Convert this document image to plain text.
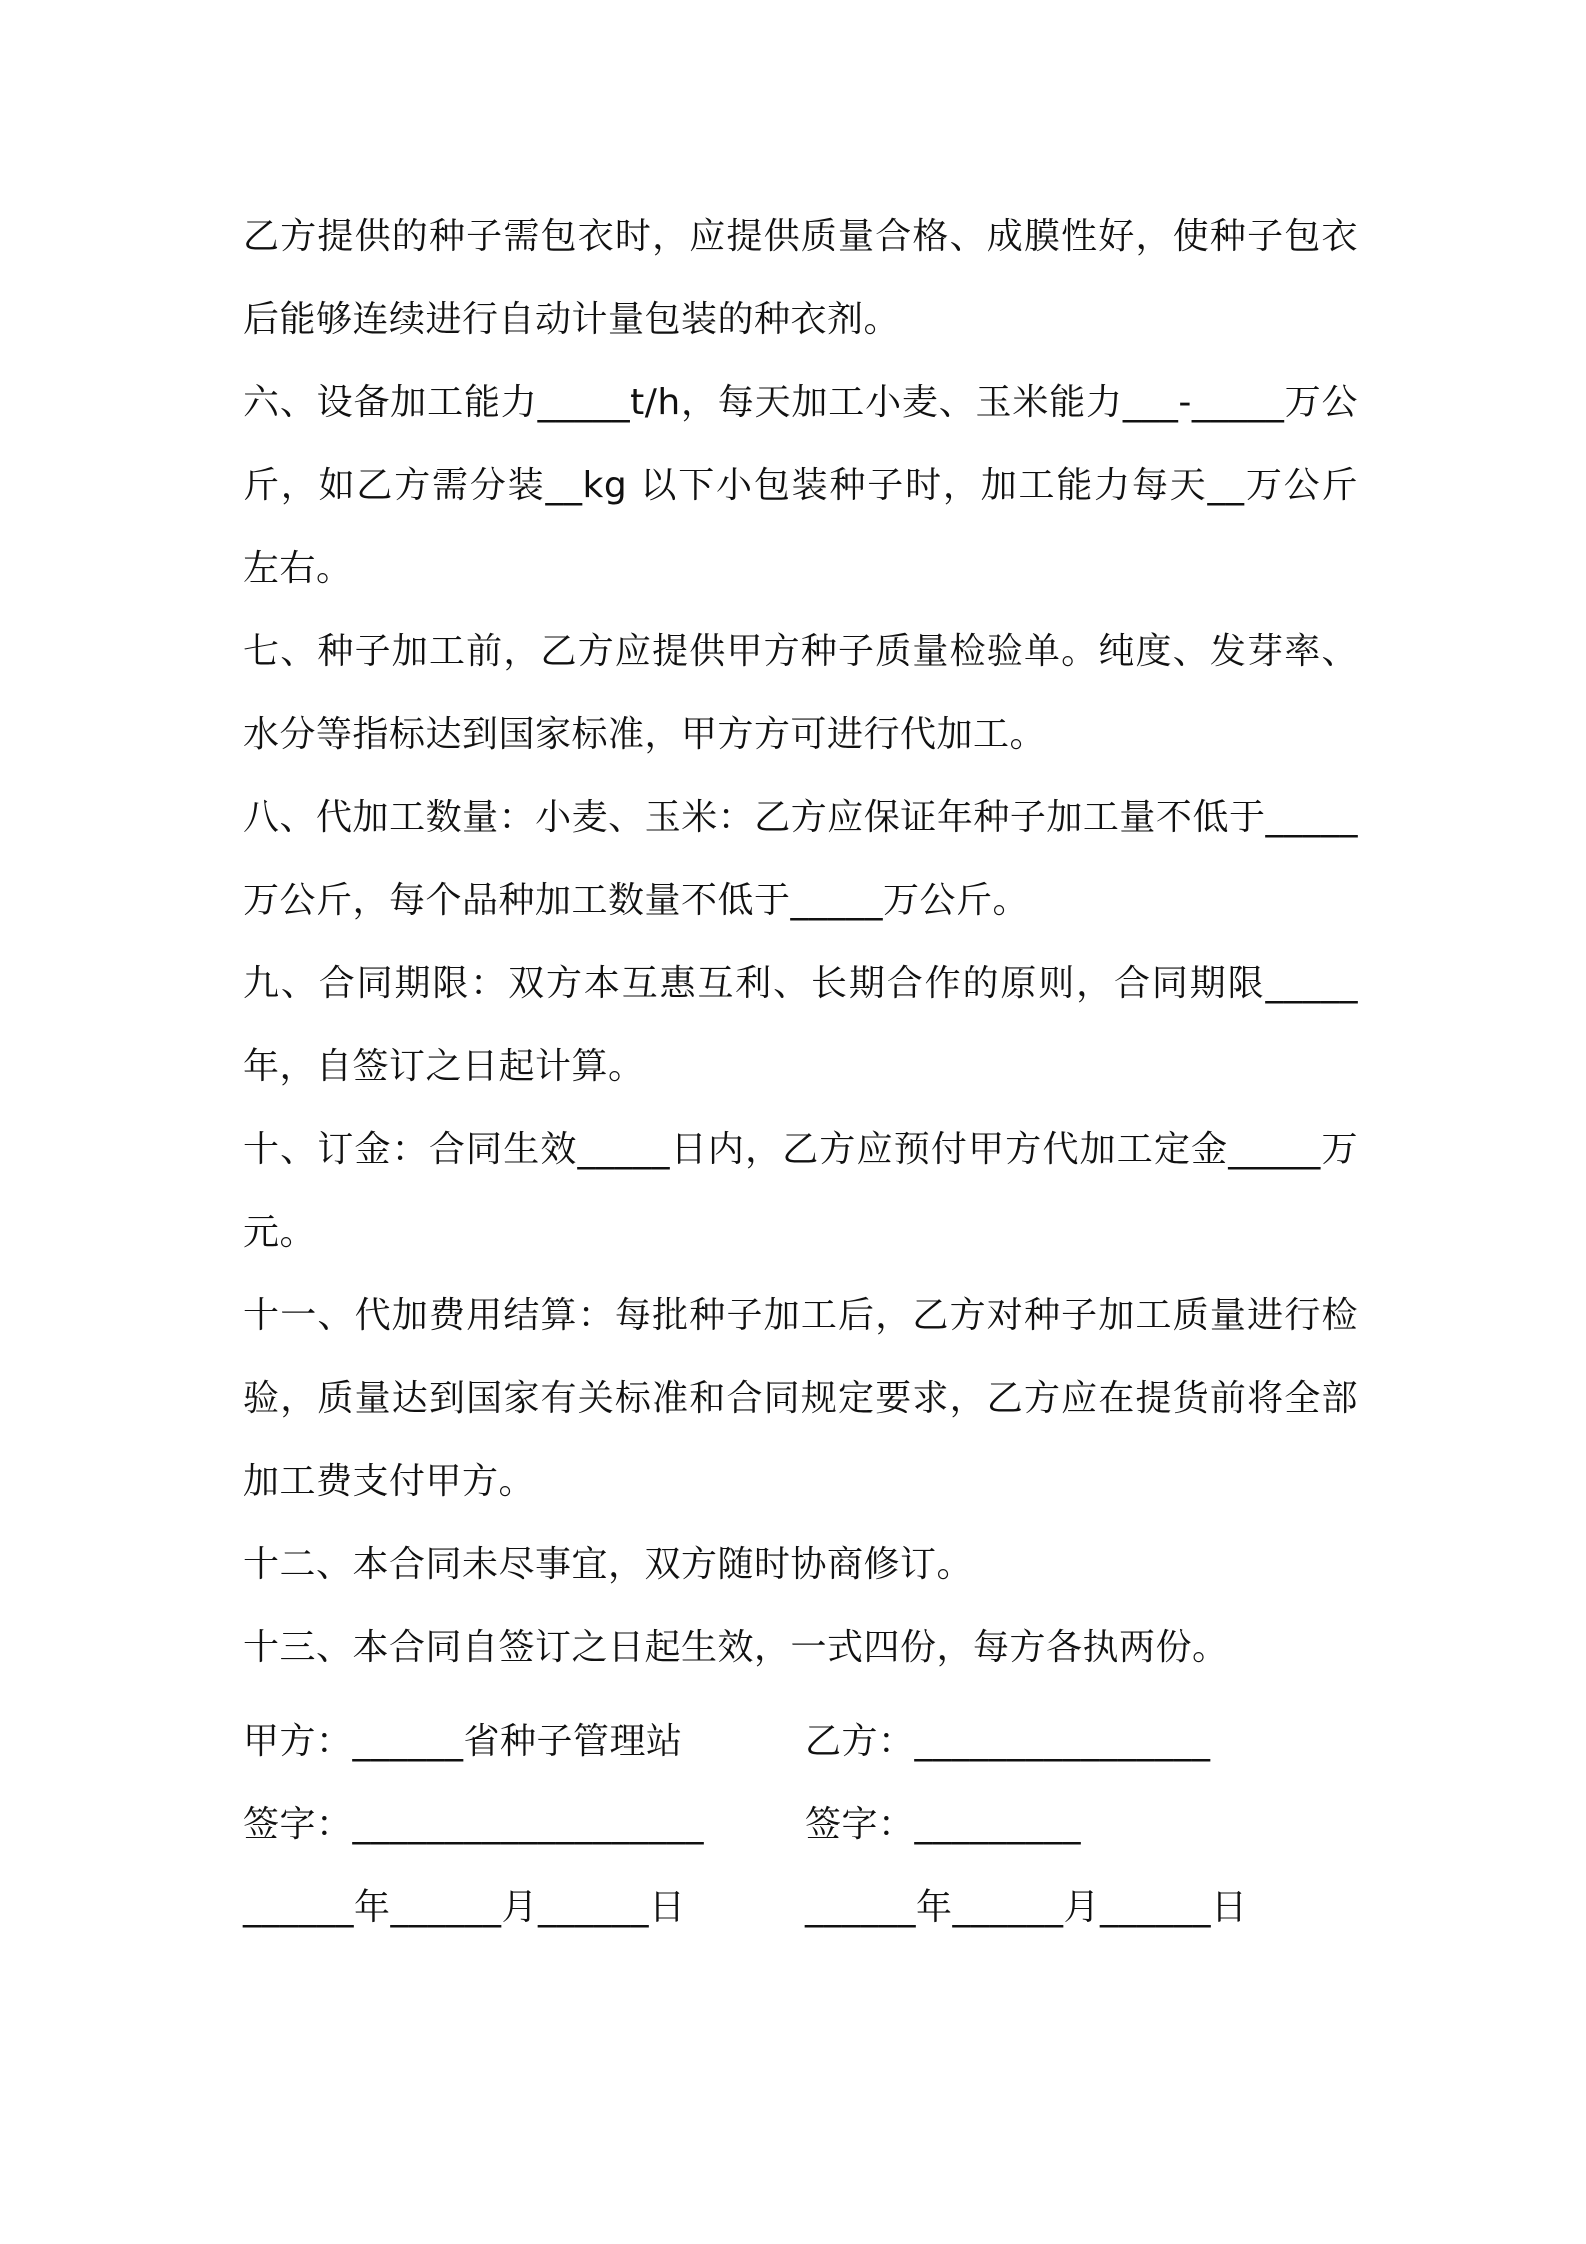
乙方提供的种子需包衣时，应提供质量合格、成膜性好，使种子包衣后能够连续进行自动计量包装的种衣剂。

六、设备加工能力_____t/h，每天加工小麦、玉米能力___-_____万公斤，如乙方需分装__kg 以下小包装种子时，加工能力每天__万公斤左右。

七、种子加工前，乙方应提供甲方种子质量检验单。纯度、发芽率、水分等指标达到国家标准，甲方方可进行代加工。

八、代加工数量：小麦、玉米：乙方应保证年种子加工量不低于_____万公斤，每个品种加工数量不低于_____万公斤。

九、合同期限：双方本互惠互利、长期合作的原则，合同期限_____年，自签订之日起计算。

十、订金：合同生效_____日内，乙方应预付甲方代加工定金_____万元。

十一、代加费用结算：每批种子加工后，乙方对种子加工质量进行检验，质量达到国家有关标准和合同规定要求，乙方应在提货前将全部加工费支付甲方。

十二、本合同未尽事宜，双方随时协商修订。

十三、本合同自签订之日起生效，一式四份，每方各执两份。

甲方：______省种子管理站	乙方：________________
签字：___________________	签字：_________
______年______月______日	______年______月______日
